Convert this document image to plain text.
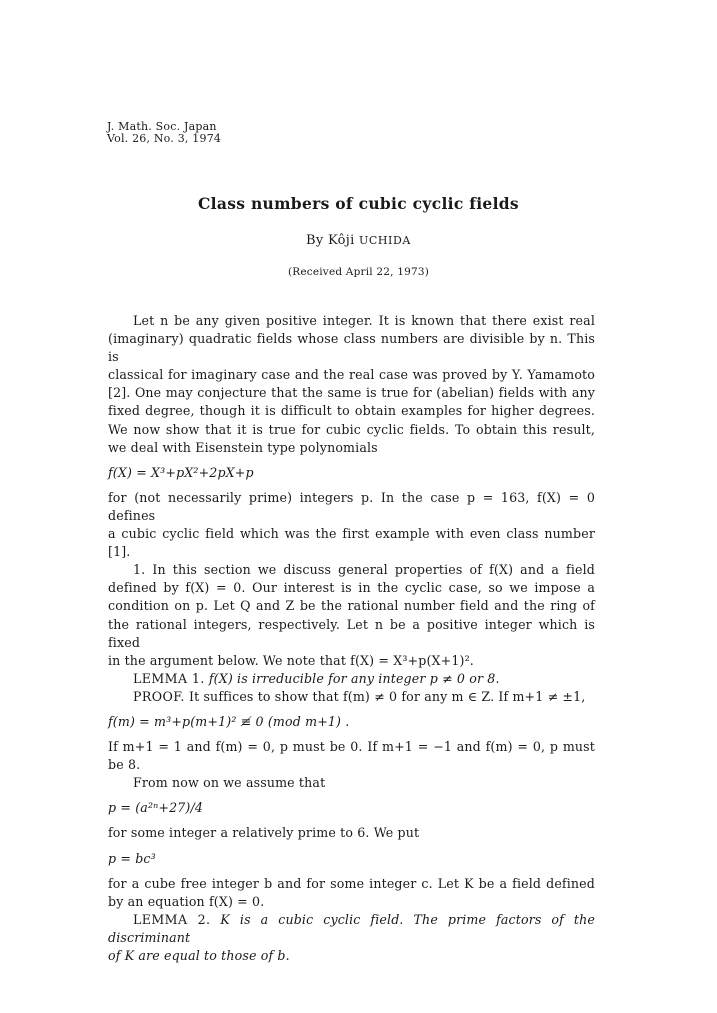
J. Math. Soc. Japan
Vol. 26, No. 3, 1974
Class numbers of cubic cyclic fields
By Kôji UCHIDA
(Received April 22, 1973)

Let n be any given positive integer. It is known that there exist real

(imaginary) quadratic fields whose class numbers are divisible by n. This is

classical for imaginary case and the real case was proved by Y. Yamamoto

[2]. One may conjecture that the same is true for (abelian) fields with any

fixed degree, though it is difficult to obtain examples for higher degrees.

We now show that it is true for cubic cyclic fields. To obtain this result,

we deal with Eisenstein type polynomials

f(X) = X³+pX²+2pX+p

for (not necessarily prime) integers p. In the case p = 163, f(X) = 0 defines

a cubic cyclic field which was the first example with even class number [1].

1. In this section we discuss general properties of f(X) and a field

defined by f(X) = 0. Our interest is in the cyclic case, so we impose a

condition on p. Let Q and Z be the rational number field and the ring of

the rational integers, respectively. Let n be a positive integer which is fixed

in the argument below. We note that f(X) = X³+p(X+1)².

LEMMA 1. f(X) is irreducible for any integer p ≠ 0 or 8.

PROOF. It suffices to show that f(m) ≠ 0 for any m ∈ Z. If m+1 ≠ ±1,

f(m) = m³+p(m+1)² ≢ 0 (mod m+1) .

If m+1 = 1 and f(m) = 0, p must be 0. If m+1 = −1 and f(m) = 0, p must

be 8.

From now on we assume that

p = (a²ⁿ+27)/4

for some integer a relatively prime to 6. We put

p = bc³

for a cube free integer b and for some integer c. Let K be a field defined

by an equation f(X) = 0.

LEMMA 2. K is a cubic cyclic field. The prime factors of the discriminant

of K are equal to those of b.
